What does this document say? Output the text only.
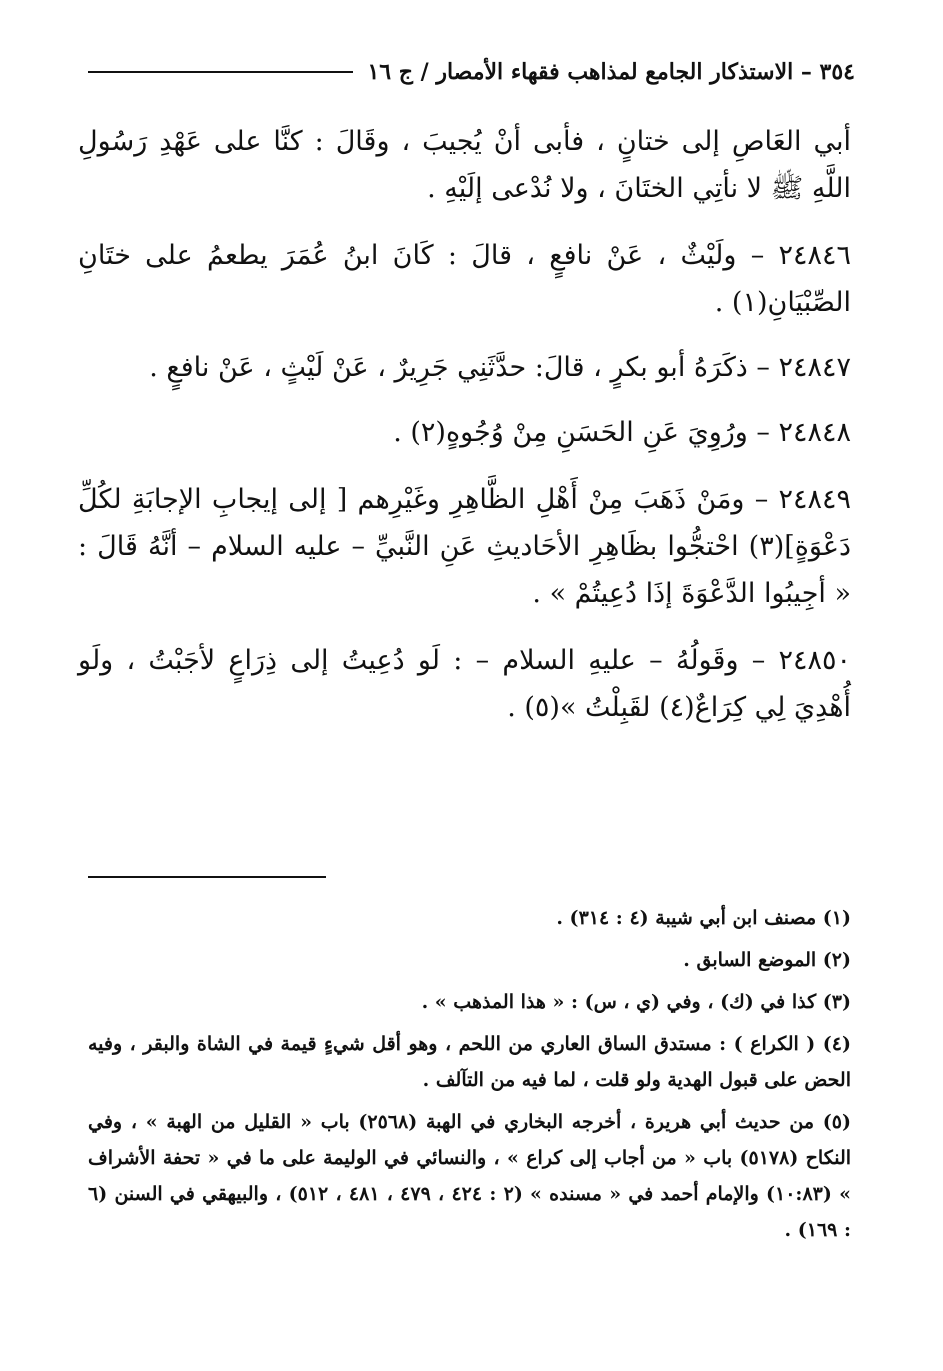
٣٥٤ – الاستذكار الجامع لمذاهب فقهاء الأمصار / ج ١٦

أبي العَاصِ إلى ختانٍ ، فأبى أنْ يُجيبَ ، وقَالَ : كنَّا على عَهْدِ رَسُولِ اللَّهِ ﷺ لا نأتِي الختَانَ ، ولا نُدْعى إلَيْهِ .

٢٤٨٤٦ – ولَيْثٌ ، عَنْ نافعٍ ، قالَ : كَانَ ابنُ عُمَرَ يطعمُ على ختَانِ الصِّبْيَانِ(١) .

٢٤٨٤٧ – ذكَرَهُ أبو بكرٍ ، قالَ: حدَّثَنِي جَرِيرٌ ، عَنْ لَيْثٍ ، عَنْ نافعٍ .

٢٤٨٤٨ – ورُوِيَ عَنِ الحَسَنِ مِنْ وُجُوهٍ(٢) .

٢٤٨٤٩ – ومَنْ ذَهَبَ مِنْ أَهْلِ الظَّاهِرِ وغَيْرِهم [ إلى إيجابِ الإجابَةِ لكُلِّ دَعْوَةٍ](٣) احْتجُّوا بظَاهِرِ الأحَاديثِ عَنِ النَّبيِّ – عليه السلام – أنَّهُ قَالَ : « أجِيبُوا الدَّعْوَةَ إذَا دُعِيتُمْ » .

٢٤٨٥٠ – وقَولُهُ – عليهِ السلام – : لَو دُعِيتُ إلى ذِرَاعٍ لأجَبْتُ ، ولَو أُهْدِيَ لِي كِرَاعٌ(٤) لقَبِلْتُ »(٥) .

(١) مصنف ابن أبي شيبة (٤ : ٣١٤) .

(٢) الموضع السابق .

(٣) كذا في (ك) ، وفي (ي ، س) : « هذا المذهب » .

(٤) ( الكراع ) : مستدق الساق العاري من اللحم ، وهو أقل شيءٍ قيمة في الشاة والبقر ، وفيه الحض على قبول الهدية ولو قلت ، لما فيه من التآلف .

(٥) من حديث أبي هريرة ، أخرجه البخاري في الهبة (٢٥٦٨) باب « القليل من الهبة » ، وفي النكاح (٥١٧٨) باب « من أجاب إلى كراع » ، والنسائي في الوليمة على ما في « تحفة الأشراف » (١٠:٨٣) والإمام أحمد في « مسنده » (٢ : ٤٢٤ ، ٤٧٩ ، ٤٨١ ، ٥١٢) ، والبيهقي في السنن (٦ : ١٦٩) .
